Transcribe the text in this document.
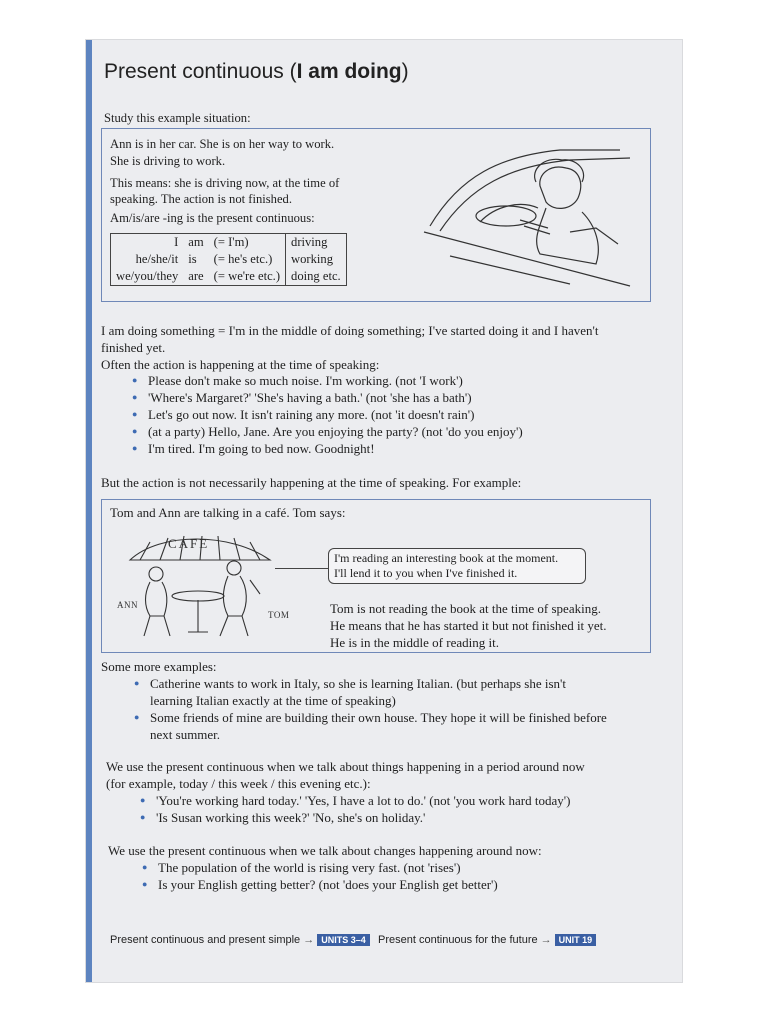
Present continuous (I am doing)
Study this example situation:
Ann is in her car. She is on her way to work.
She is driving to work.
This means: she is driving now, at the time of
speaking. The action is not finished.
Am/is/are -ing is the present continuous:
I	am	(= I'm)	driving
he/she/it	is	(= he's etc.)	working
we/you/they	are	(= we're etc.)	doing etc.
I am doing something = I'm in the middle of doing something; I've started doing it and I haven't
finished yet.
Often the action is happening at the time of speaking:
● Please don't make so much noise. I'm working. (not 'I work')
● 'Where's Margaret?' 'She's having a bath.' (not 'she has a bath')
● Let's go out now. It isn't raining any more. (not 'it doesn't rain')
● (at a party) Hello, Jane. Are you enjoying the party? (not 'do you enjoy')
● I'm tired. I'm going to bed now. Goodnight!
But the action is not necessarily happening at the time of speaking. For example:
Tom and Ann are talking in a café. Tom says:
CAFE
ANN
TOM
I'm reading an interesting book at the moment.
I'll lend it to you when I've finished it.
Tom is not reading the book at the time of speaking.
He means that he has started it but not finished it yet.
He is in the middle of reading it.
Some more examples:
● Catherine wants to work in Italy, so she is learning Italian. (but perhaps she isn't
learning Italian exactly at the time of speaking)
● Some friends of mine are building their own house. They hope it will be finished before
next summer.
We use the present continuous when we talk about things happening in a period around now
(for example, today / this week / this evening etc.):
● 'You're working hard today.' 'Yes, I have a lot to do.' (not 'you work hard today')
● 'Is Susan working this week?' 'No, she's on holiday.'
We use the present continuous when we talk about changes happening around now:
● The population of the world is rising very fast. (not 'rises')
● Is your English getting better? (not 'does your English get better')
Present continuous and present simple → UNITS 3–4	Present continuous for the future → UNIT 19
